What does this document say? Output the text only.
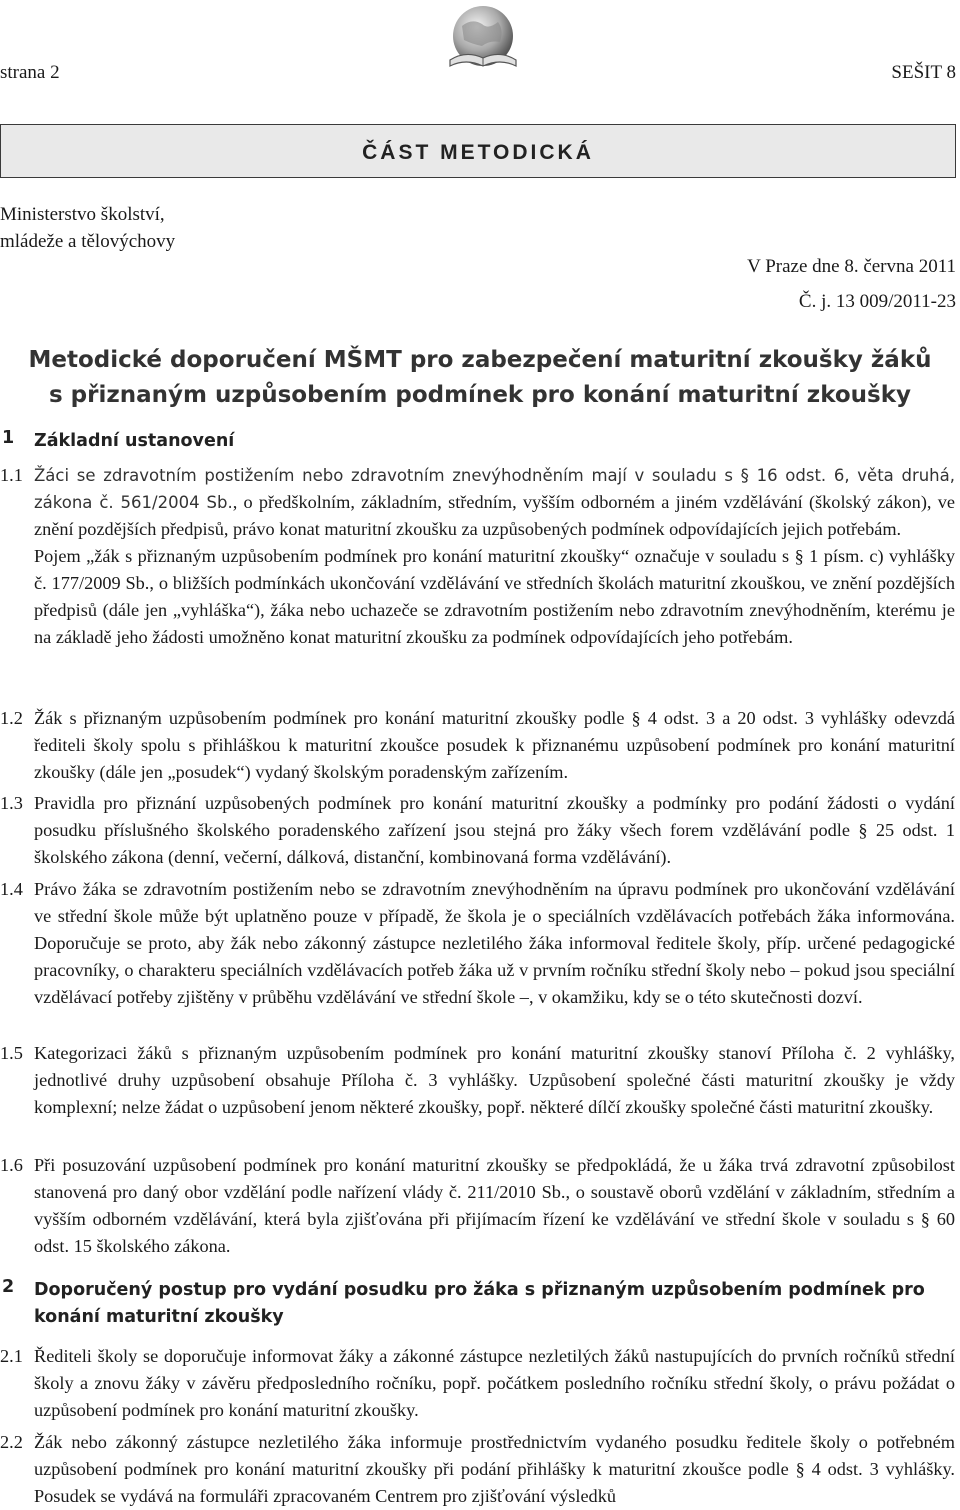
strana 2	SEŠIT 8
ČÁST METODICKÁ
Ministerstvo školství,
mládeže a tělovýchovy
V Praze dne 8. června 2011
Č. j. 13 009/2011-23
Metodické doporučení MŠMT pro zabezpečení maturitní zkoušky žáků
s přiznaným uzpůsobením podmínek pro konání maturitní zkoušky
1 Základní ustanovení
1.1 Žáci se zdravotním postižením nebo zdravotním znevýhodněním mají v souladu s § 16 odst. 6, věta druhá, zákona č. 561/2004 Sb., o předškolním, základním, středním, vyšším odborném a jiném vzdělávání (školský zákon), ve znění pozdějších předpisů, právo konat maturitní zkoušku za uzpůsobených podmínek odpovídajících jejich potřebám.

Pojem „žák s přiznaným uzpůsobením podmínek pro konání maturitní zkoušky“ označuje v souladu s § 1 písm. c) vyhlášky č. 177/2009 Sb., o bližších podmínkách ukončování vzdělávání ve středních školách maturitní zkouškou, ve znění pozdějších předpisů (dále jen „vyhláška“), žáka nebo uchazeče se zdravotním postižením nebo zdravotním znevýhodněním, kterému je na základě jeho žádosti umožněno konat maturitní zkoušku za podmínek odpovídajících jeho potřebám.

1.2 Žák s přiznaným uzpůsobením podmínek pro konání maturitní zkoušky podle § 4 odst. 3 a 20 odst. 3 vyhlášky odevzdá řediteli školy spolu s přihláškou k maturitní zkoušce posudek k přiznanému uzpůsobení podmínek pro konání maturitní zkoušky (dále jen „posudek“) vydaný školským poradenským zařízením.
1.3 Pravidla pro přiznání uzpůsobených podmínek pro konání maturitní zkoušky a podmínky pro podání žádosti o vydání posudku příslušného školského poradenského zařízení jsou stejná pro žáky všech forem vzdělávání podle § 25 odst. 1 školského zákona (denní, večerní, dálková, distanční, kombinovaná forma vzdělávání).
1.4 Právo žáka se zdravotním postižením nebo se zdravotním znevýhodněním na úpravu podmínek pro ukončování vzdělávání ve střední škole může být uplatněno pouze v případě, že škola je o speciálních vzdělávacích potřebách žáka informována. Doporučuje se proto, aby žák nebo zákonný zástupce nezletilého žáka informoval ředitele školy, příp. určené pedagogické pracovníky, o charakteru speciálních vzdělávacích potřeb žáka už v prvním ročníku střední školy nebo – pokud jsou speciální vzdělávací potřeby zjištěny v průběhu vzdělávání ve střední škole –, v okamžiku, kdy se o této skutečnosti dozví.
1.5 Kategorizaci žáků s přiznaným uzpůsobením podmínek pro konání maturitní zkoušky stanoví Příloha č. 2 vyhlášky, jednotlivé druhy uzpůsobení obsahuje Příloha č. 3 vyhlášky. Uzpůsobení společné části maturitní zkoušky je vždy komplexní; nelze žádat o uzpůsobení jenom některé zkoušky, popř. některé dílčí zkoušky společné části maturitní zkoušky.
1.6 Při posuzování uzpůsobení podmínek pro konání maturitní zkoušky se předpokládá, že u žáka trvá zdravotní způsobilost stanovená pro daný obor vzdělání podle nařízení vlády č. 211/2010 Sb., o soustavě oborů vzdělání v základním, středním a vyšším odborném vzdělávání, která byla zjišťována při přijímacím řízení ke vzdělávání ve střední škole v souladu s § 60 odst. 15 školského zákona.
2 Doporučený postup pro vydání posudku pro žáka s přiznaným uzpůsobením podmínek pro konání maturitní zkoušky
2.1 Řediteli školy se doporučuje informovat žáky a zákonné zástupce nezletilých žáků nastupujících do prvních ročníků střední školy a znovu žáky v závěru předposledního ročníku, popř. počátkem posledního ročníku střední školy, o právu požádat o uzpůsobení podmínek pro konání maturitní zkoušky.
2.2 Žák nebo zákonný zástupce nezletilého žáka informuje prostřednictvím vydaného posudku ředitele školy o potřebném uzpůsobení podmínek pro konání maturitní zkoušky při podání přihlášky k maturitní zkoušce podle § 4 odst. 3 vyhlášky. Posudek se vydává na formuláři zpracovaném Centrem pro zjišťování výsledků
